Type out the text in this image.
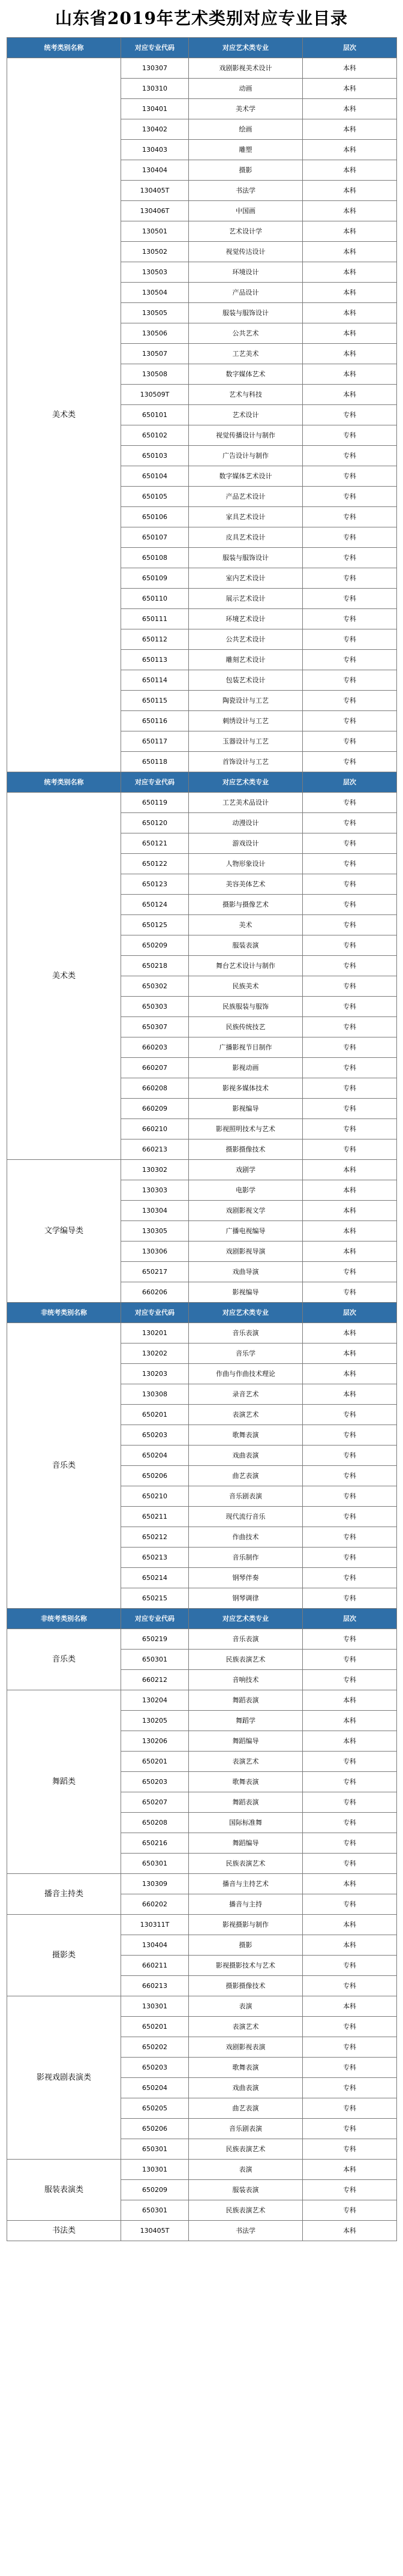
山东省2019年艺术类别对应专业目录
统考类别名称	对应专业代码	对应艺术类专业	层次
美术类	130307	戏剧影视美术设计	本科
	130310	动画	本科
	130401	美术学	本科
	130402	绘画	本科
	130403	雕塑	本科
	130404	摄影	本科
	130405T	书法学	本科
	130406T	中国画	本科
	130501	艺术设计学	本科
	130502	视觉传达设计	本科
	130503	环境设计	本科
	130504	产品设计	本科
	130505	服装与服饰设计	本科
	130506	公共艺术	本科
	130507	工艺美术	本科
	130508	数字媒体艺术	本科
	130509T	艺术与科技	本科
	650101	艺术设计	专科
	650102	视觉传播设计与制作	专科
	650103	广告设计与制作	专科
	650104	数字媒体艺术设计	专科
	650105	产品艺术设计	专科
	650106	家具艺术设计	专科
	650107	皮具艺术设计	专科
	650108	服装与服饰设计	专科
	650109	室内艺术设计	专科
	650110	展示艺术设计	专科
	650111	环境艺术设计	专科
	650112	公共艺术设计	专科
	650113	雕刻艺术设计	专科
	650114	包装艺术设计	专科
	650115	陶瓷设计与工艺	专科
	650116	刺绣设计与工艺	专科
	650117	玉器设计与工艺	专科
	650118	首饰设计与工艺	专科
统考类别名称	对应专业代码	对应艺术类专业	层次
美术类	650119	工艺美术品设计	专科
	650120	动漫设计	专科
	650121	游戏设计	专科
	650122	人物形象设计	专科
	650123	美容美体艺术	专科
	650124	摄影与摄像艺术	专科
	650125	美术	专科
	650209	服装表演	专科
	650218	舞台艺术设计与制作	专科
	650302	民族美术	专科
	650303	民族服装与服饰	专科
	650307	民族传统技艺	专科
	660203	广播影视节目制作	专科
	660207	影视动画	专科
	660208	影视多媒体技术	专科
	660209	影视编导	专科
	660210	影视照明技术与艺术	专科
	660213	摄影摄像技术	专科
文学编导类	130302	戏剧学	本科
	130303	电影学	本科
	130304	戏剧影视文学	本科
	130305	广播电视编导	本科
	130306	戏剧影视导演	本科
	650217	戏曲导演	专科
	660206	影视编导	专科
非统考类别名称	对应专业代码	对应艺术类专业	层次
音乐类	130201	音乐表演	本科
	130202	音乐学	本科
	130203	作曲与作曲技术理论	本科
	130308	录音艺术	本科
	650201	表演艺术	专科
	650203	歌舞表演	专科
	650204	戏曲表演	专科
	650206	曲艺表演	专科
	650210	音乐剧表演	专科
	650211	现代流行音乐	专科
	650212	作曲技术	专科
	650213	音乐制作	专科
	650214	钢琴伴奏	专科
	650215	钢琴调律	专科
非统考类别名称	对应专业代码	对应艺术类专业	层次
音乐类	650219	音乐表演	专科
	650301	民族表演艺术	专科
	660212	音响技术	专科
舞蹈类	130204	舞蹈表演	本科
	130205	舞蹈学	本科
	130206	舞蹈编导	本科
	650201	表演艺术	专科
	650203	歌舞表演	专科
	650207	舞蹈表演	专科
	650208	国际标准舞	专科
	650216	舞蹈编导	专科
	650301	民族表演艺术	专科
播音主持类	130309	播音与主持艺术	本科
	660202	播音与主持	专科
摄影类	130311T	影视摄影与制作	本科
	130404	摄影	本科
	660211	影视摄影技术与艺术	专科
	660213	摄影摄像技术	专科
影视戏剧表演类	130301	表演	本科
	650201	表演艺术	专科
	650202	戏剧影视表演	专科
	650203	歌舞表演	专科
	650204	戏曲表演	专科
	650205	曲艺表演	专科
	650206	音乐剧表演	专科
	650301	民族表演艺术	专科
服装表演类	130301	表演	本科
	650209	服装表演	专科
	650301	民族表演艺术	专科
书法类	130405T	书法学	本科
